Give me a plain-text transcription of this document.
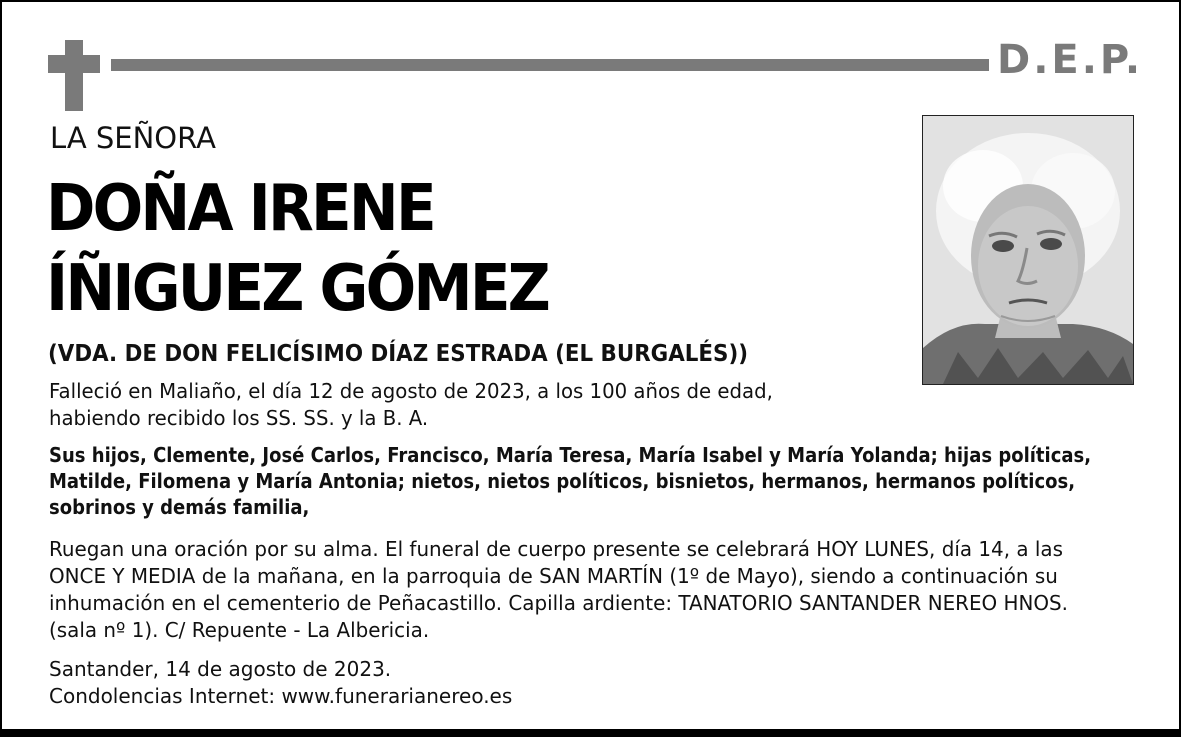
D.E.P.
LA SEÑORA
DOÑA IRENE
ÍÑIGUEZ GÓMEZ
(VDA. DE DON FELICÍSIMO DÍAZ ESTRADA (EL BURGALÉS))
Falleció en Maliaño, el día 12 de agosto de 2023, a los 100 años de edad,
habiendo recibido los SS. SS. y la B. A.
Sus hijos, Clemente, José Carlos, Francisco, María Teresa, María Isabel y María Yolanda; hijas políticas,
Matilde, Filomena y María Antonia; nietos, nietos políticos, bisnietos, hermanos, hermanos políticos,
sobrinos y demás familia,
Ruegan una oración por su alma. El funeral de cuerpo presente se celebrará HOY LUNES, día 14, a las
ONCE Y MEDIA de la mañana, en la parroquia de SAN MARTÍN (1º de Mayo), siendo a continuación su
inhumación en el cementerio de Peñacastillo. Capilla ardiente: TANATORIO SANTANDER NEREO HNOS.
(sala nº 1). C/ Repuente - La Albericia.
Santander, 14 de agosto de 2023.
Condolencias Internet: www.funerarianereo.es
